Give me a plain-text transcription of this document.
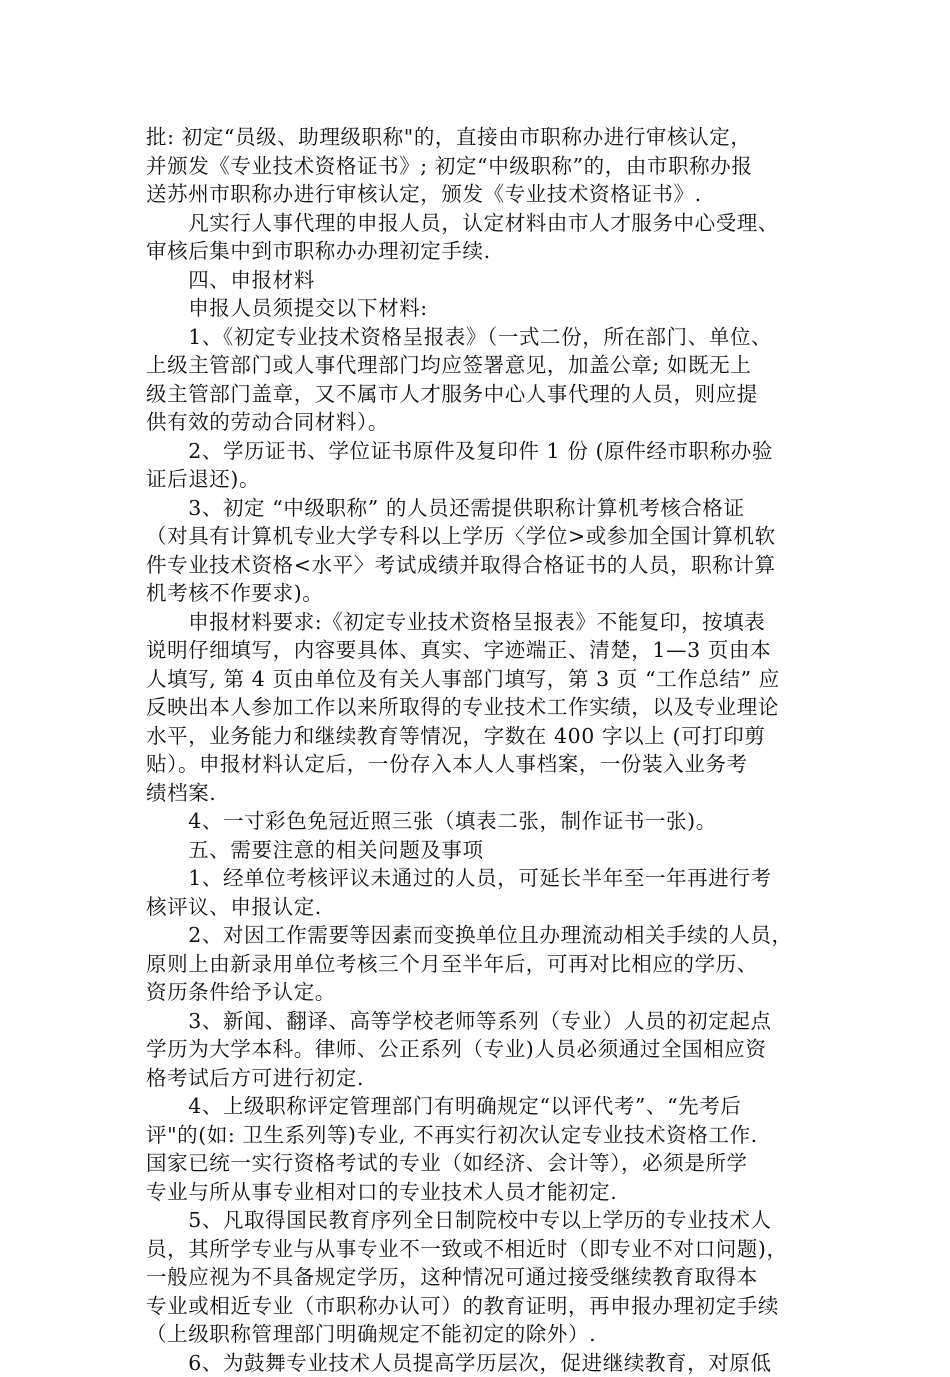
批: 初定“员级、助理级职称"的，直接由市职称办进行审核认定，
并颁发《专业技术资格证书》; 初定“中级职称”的，由市职称办报
送苏州市职称办进行审核认定，颁发《专业技术资格证书》.
　　凡实行人事代理的申报人员，认定材料由市人才服务中心受理、
审核后集中到市职称办办理初定手续.
　　四、申报材料
　　申报人员须提交以下材料:
　　1、《初定专业技术资格呈报表》（一式二份，所在部门、单位、
上级主管部门或人事代理部门均应签署意见，加盖公章; 如既无上
级主管部门盖章，又不属市人才服务中心人事代理的人员，则应提
供有效的劳动合同材料）。
　　2、学历证书、学位证书原件及复印件 1 份 (原件经市职称办验
证后退还)。
　　3、初定 “中级职称” 的人员还需提供职称计算机考核合格证
（对具有计算机专业大学专科以上学历〈学位>或参加全国计算机软
件专业技术资格<水平〉考试成绩并取得合格证书的人员，职称计算
机考核不作要求)。
　　申报材料要求:《初定专业技术资格呈报表》不能复印，按填表
说明仔细填写，内容要具体、真实、字迹端正、清楚，1—3 页由本
人填写, 第 4 页由单位及有关人事部门填写，第 3 页 “工作总结” 应
反映出本人参加工作以来所取得的专业技术工作实绩，以及专业理论
水平，业务能力和继续教育等情况，字数在 400 字以上 (可打印剪
贴）。申报材料认定后，一份存入本人人事档案，一份装入业务考
绩档案.
　　4、一寸彩色免冠近照三张（填表二张，制作证书一张)。
　　五、需要注意的相关问题及事项
　　1、经单位考核评议未通过的人员，可延长半年至一年再进行考
核评议、申报认定.
　　2、对因工作需要等因素而变换单位且办理流动相关手续的人员，
原则上由新录用单位考核三个月至半年后，可再对比相应的学历、
资历条件给予认定。
　　3、新闻、翻译、高等学校老师等系列（专业）人员的初定起点
学历为大学本科。律师、公正系列（专业)人员必须通过全国相应资
格考试后方可进行初定.
　　4、上级职称评定管理部门有明确规定“以评代考”、“先考后
评"的(如: 卫生系列等)专业, 不再实行初次认定专业技术资格工作.
国家已统一实行资格考试的专业（如经济、会计等），必须是所学
专业与所从事专业相对口的专业技术人员才能初定.
　　5、凡取得国民教育序列全日制院校中专以上学历的专业技术人
员，其所学专业与从事专业不一致或不相近时（即专业不对口问题)，
一般应视为不具备规定学历，这种情况可通过接受继续教育取得本
专业或相近专业（市职称办认可）的教育证明，再申报办理初定手续
（上级职称管理部门明确规定不能初定的除外）.
　　6、为鼓舞专业技术人员提高学历层次，促进继续教育，对原低
